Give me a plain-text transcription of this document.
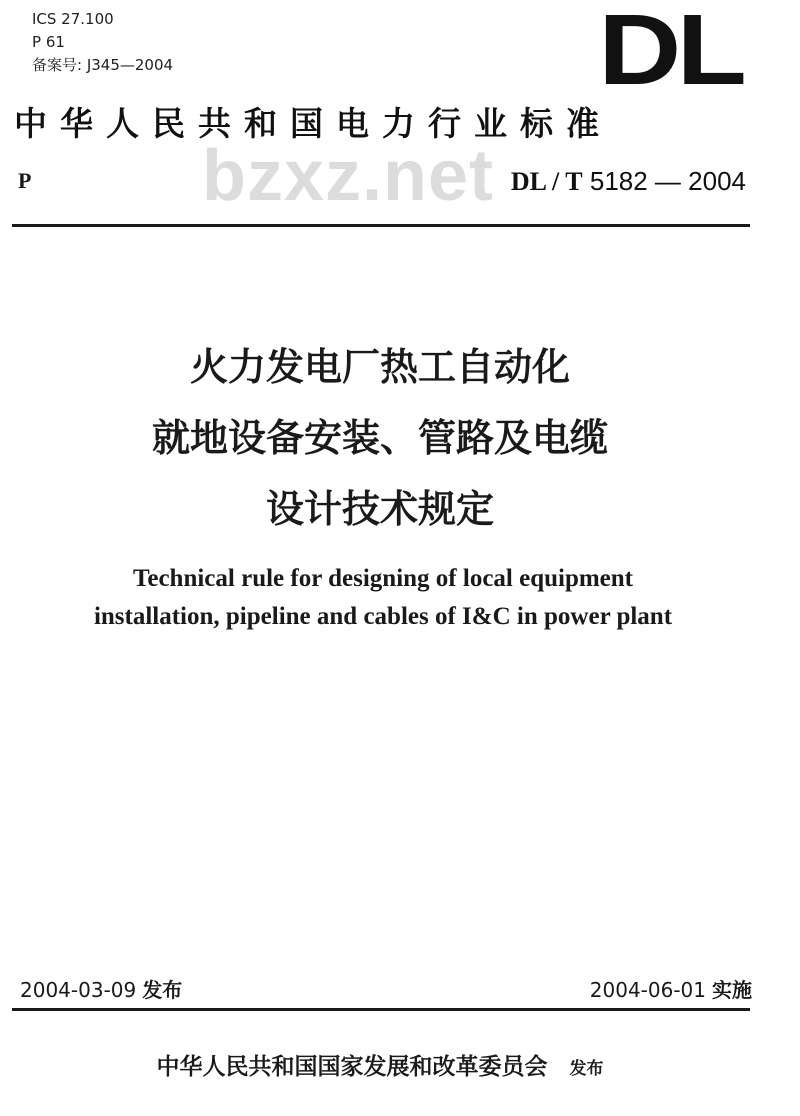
ICS 27.100
P 61
备案号: J345—2004	DL
中华人民共和国电力行业标准
bzxz.net
P	DL / T 5182 — 2004
火力发电厂热工自动化
就地设备安装、管路及电缆
设计技术规定
Technical rule for designing of local equipment
installation, pipeline and cables of I&C in power plant
2004-03-09 发布	2004-06-01 实施
中华人民共和国国家发展和改革委员会 发布
